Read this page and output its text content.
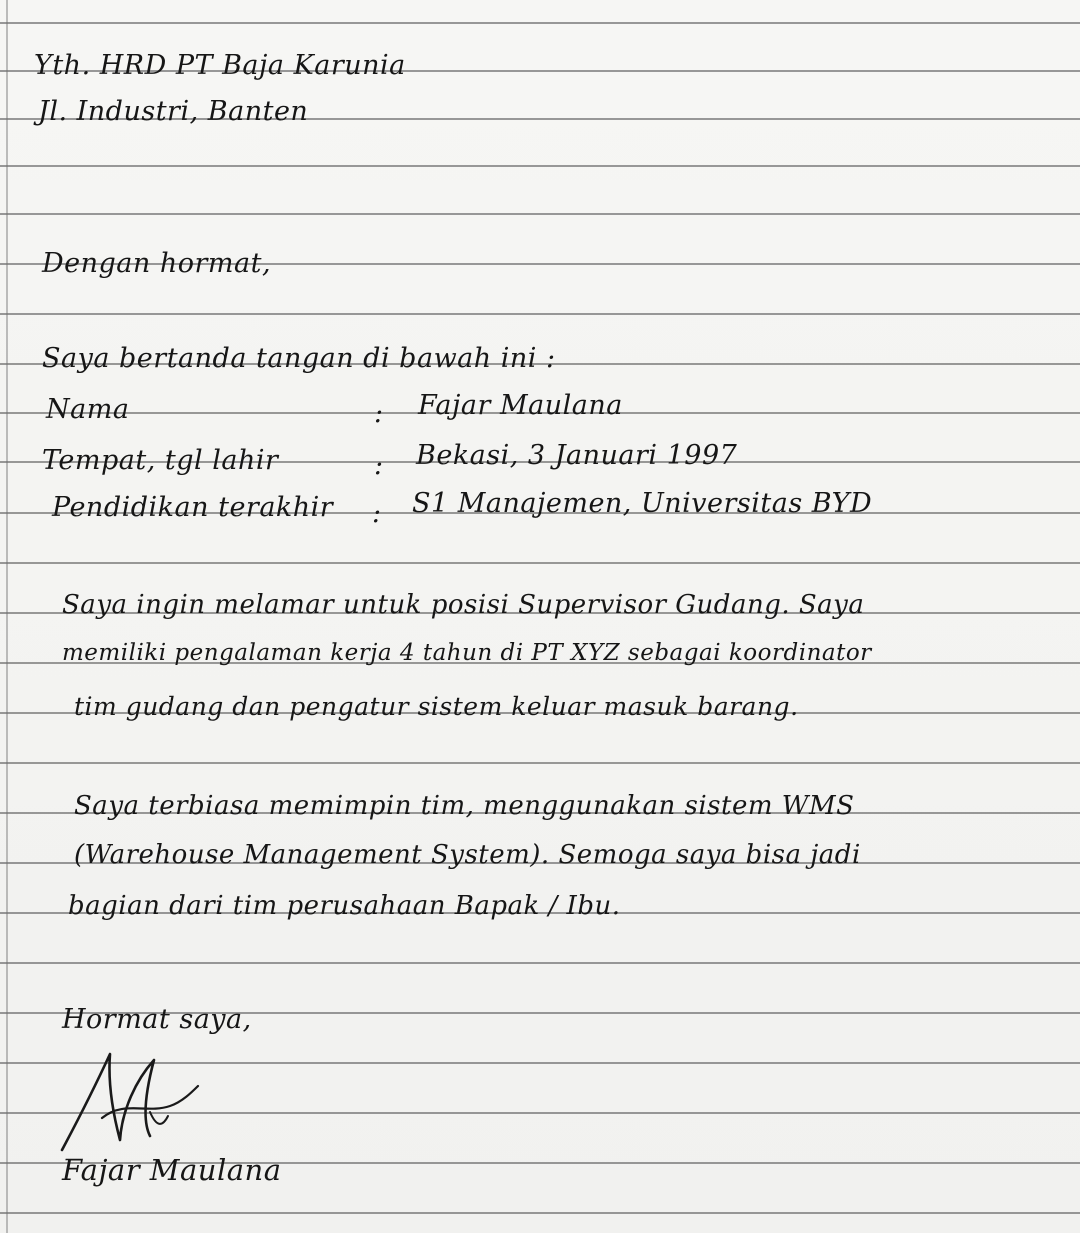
Yth. HRD PT Baja Karunia
Jl. Industri, Banten
Dengan hormat,
Saya bertanda tangan di bawah ini :
Nama	: Fajar Maulana
Tempat, tgl lahir	: Bekasi, 3 Januari 1997
Pendidikan terakhir : S1 Manajemen, Universitas BYD
Saya ingin melamar untuk posisi Supervisor Gudang. Saya
memiliki pengalaman kerja 4 tahun di PT XYZ sebagai koordinator
tim gudang dan pengatur sistem keluar masuk barang.
Saya terbiasa memimpin tim, menggunakan sistem WMS
(Warehouse Management System). Semoga saya bisa jadi
bagian dari tim perusahaan Bapak / Ibu.
Hormat saya,
Fajar Maulana
